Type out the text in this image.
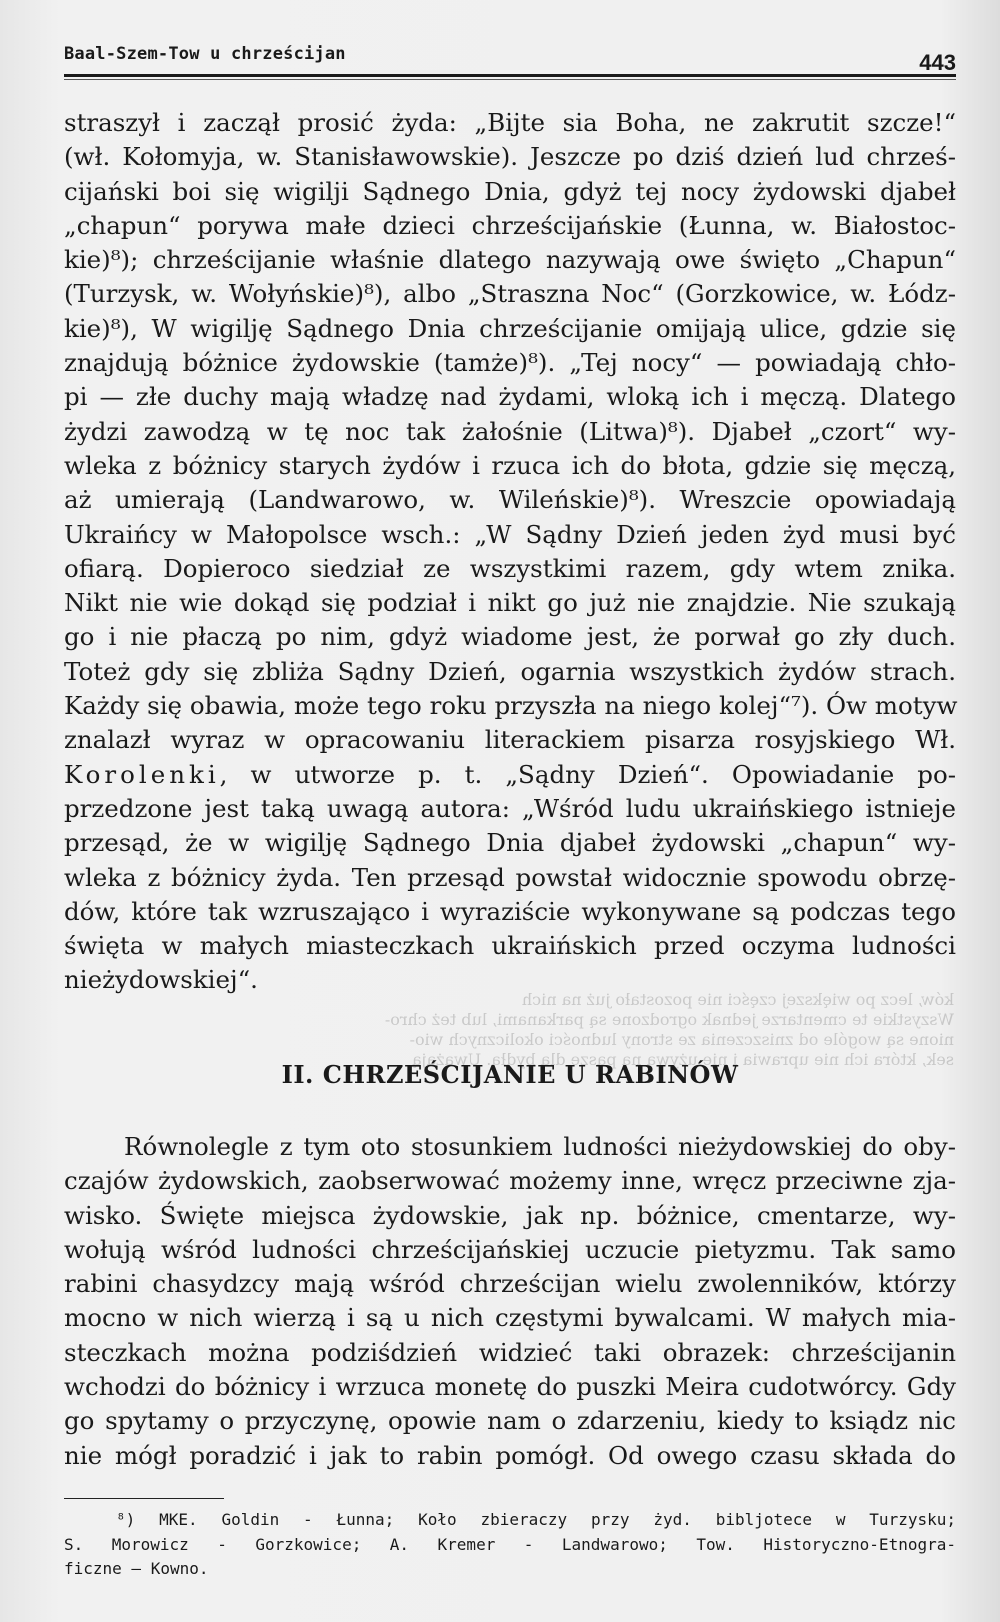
ków, lecz po większej części nie pozostało już na nich
Wszystkie te cmentarze jednak ogrodzone są parkanami, lub też chro-
nione są wogóle od zniszczenia ze strony ludności okolicznych wio-
sek, która ich nie uprawia i nie używa na pasze dla bydła. Uważają
Baal-Szem-Tow u chrześcijan	443
straszył i zaczął prosić żyda: „Bijte sia Boha, ne zakrutit szcze!“
(wł. Kołomyja, w. Stanisławowskie). Jeszcze po dziś dzień lud chrześ-
cijański boi się wigilji Sądnego Dnia, gdyż tej nocy żydowski djabeł
„chapun“ porywa małe dzieci chrześcijańskie (Łunna, w. Białostoc-
kie)⁸); chrześcijanie właśnie dlatego nazywają owe święto „Chapun“
(Turzysk, w. Wołyńskie)⁸), albo „Straszna Noc“ (Gorzkowice, w. Łódz-
kie)⁸), W wigilję Sądnego Dnia chrześcijanie omijają ulice, gdzie się
znajdują bóżnice żydowskie (tamże)⁸). „Tej nocy“ — powiadają chło-
pi — złe duchy mają władzę nad żydami, wloką ich i męczą. Dlatego
żydzi zawodzą w tę noc tak żałośnie (Litwa)⁸). Djabeł „czort“ wy-
wleka z bóżnicy starych żydów i rzuca ich do błota, gdzie się męczą,
aż umierają (Landwarowo, w. Wileńskie)⁸). Wreszcie opowiadają
Ukraińcy w Małopolsce wsch.: „W Sądny Dzień jeden żyd musi być
ofiarą. Dopieroco siedział ze wszystkimi razem, gdy wtem znika.
Nikt nie wie dokąd się podział i nikt go już nie znajdzie. Nie szukają
go i nie płaczą po nim, gdyż wiadome jest, że porwał go zły duch.
Toteż gdy się zbliża Sądny Dzień, ogarnia wszystkich żydów strach.
Każdy się obawia, może tego roku przyszła na niego kolej“⁷). Ów motyw
znalazł wyraz w opracowaniu literackiem pisarza rosyjskiego Wł.
Korolenki, w utworze p. t. „Sądny Dzień“. Opowiadanie po-
przedzone jest taką uwagą autora: „Wśród ludu ukraińskiego istnieje
przesąd, że w wigilję Sądnego Dnia djabeł żydowski „chapun“ wy-
wleka z bóżnicy żyda. Ten przesąd powstał widocznie spowodu obrzę-
dów, które tak wzruszająco i wyraziście wykonywane są podczas tego
święta w małych miasteczkach ukraińskich przed oczyma ludności
nieżydowskiej“.
II. CHRZEŚCIJANIE U RABINÓW
Równolegle z tym oto stosunkiem ludności nieżydowskiej do oby-
czajów żydowskich, zaobserwować możemy inne, wręcz przeciwne zja-
wisko. Święte miejsca żydowskie, jak np. bóżnice, cmentarze, wy-
wołują wśród ludności chrześcijańskiej uczucie pietyzmu. Tak samo
rabini chasydzcy mają wśród chrześcijan wielu zwolenników, którzy
mocno w nich wierzą i są u nich częstymi bywalcami. W małych mia-
steczkach można podziśdzień widzieć taki obrazek: chrześcijanin
wchodzi do bóżnicy i wrzuca monetę do puszki Meira cudotwórcy. Gdy
go spytamy o przyczynę, opowie nam o zdarzeniu, kiedy to ksiądz nic
nie mógł poradzić i jak to rabin pomógł. Od owego czasu składa do
⁸) MKE. Goldin - Łunna; Koło zbieraczy przy żyd. bibljotece w Turzysku;
S. Morowicz - Gorzkowice; A. Kremer - Landwarowo; Tow. Historyczno-Etnogra-
ficzne — Kowno.
